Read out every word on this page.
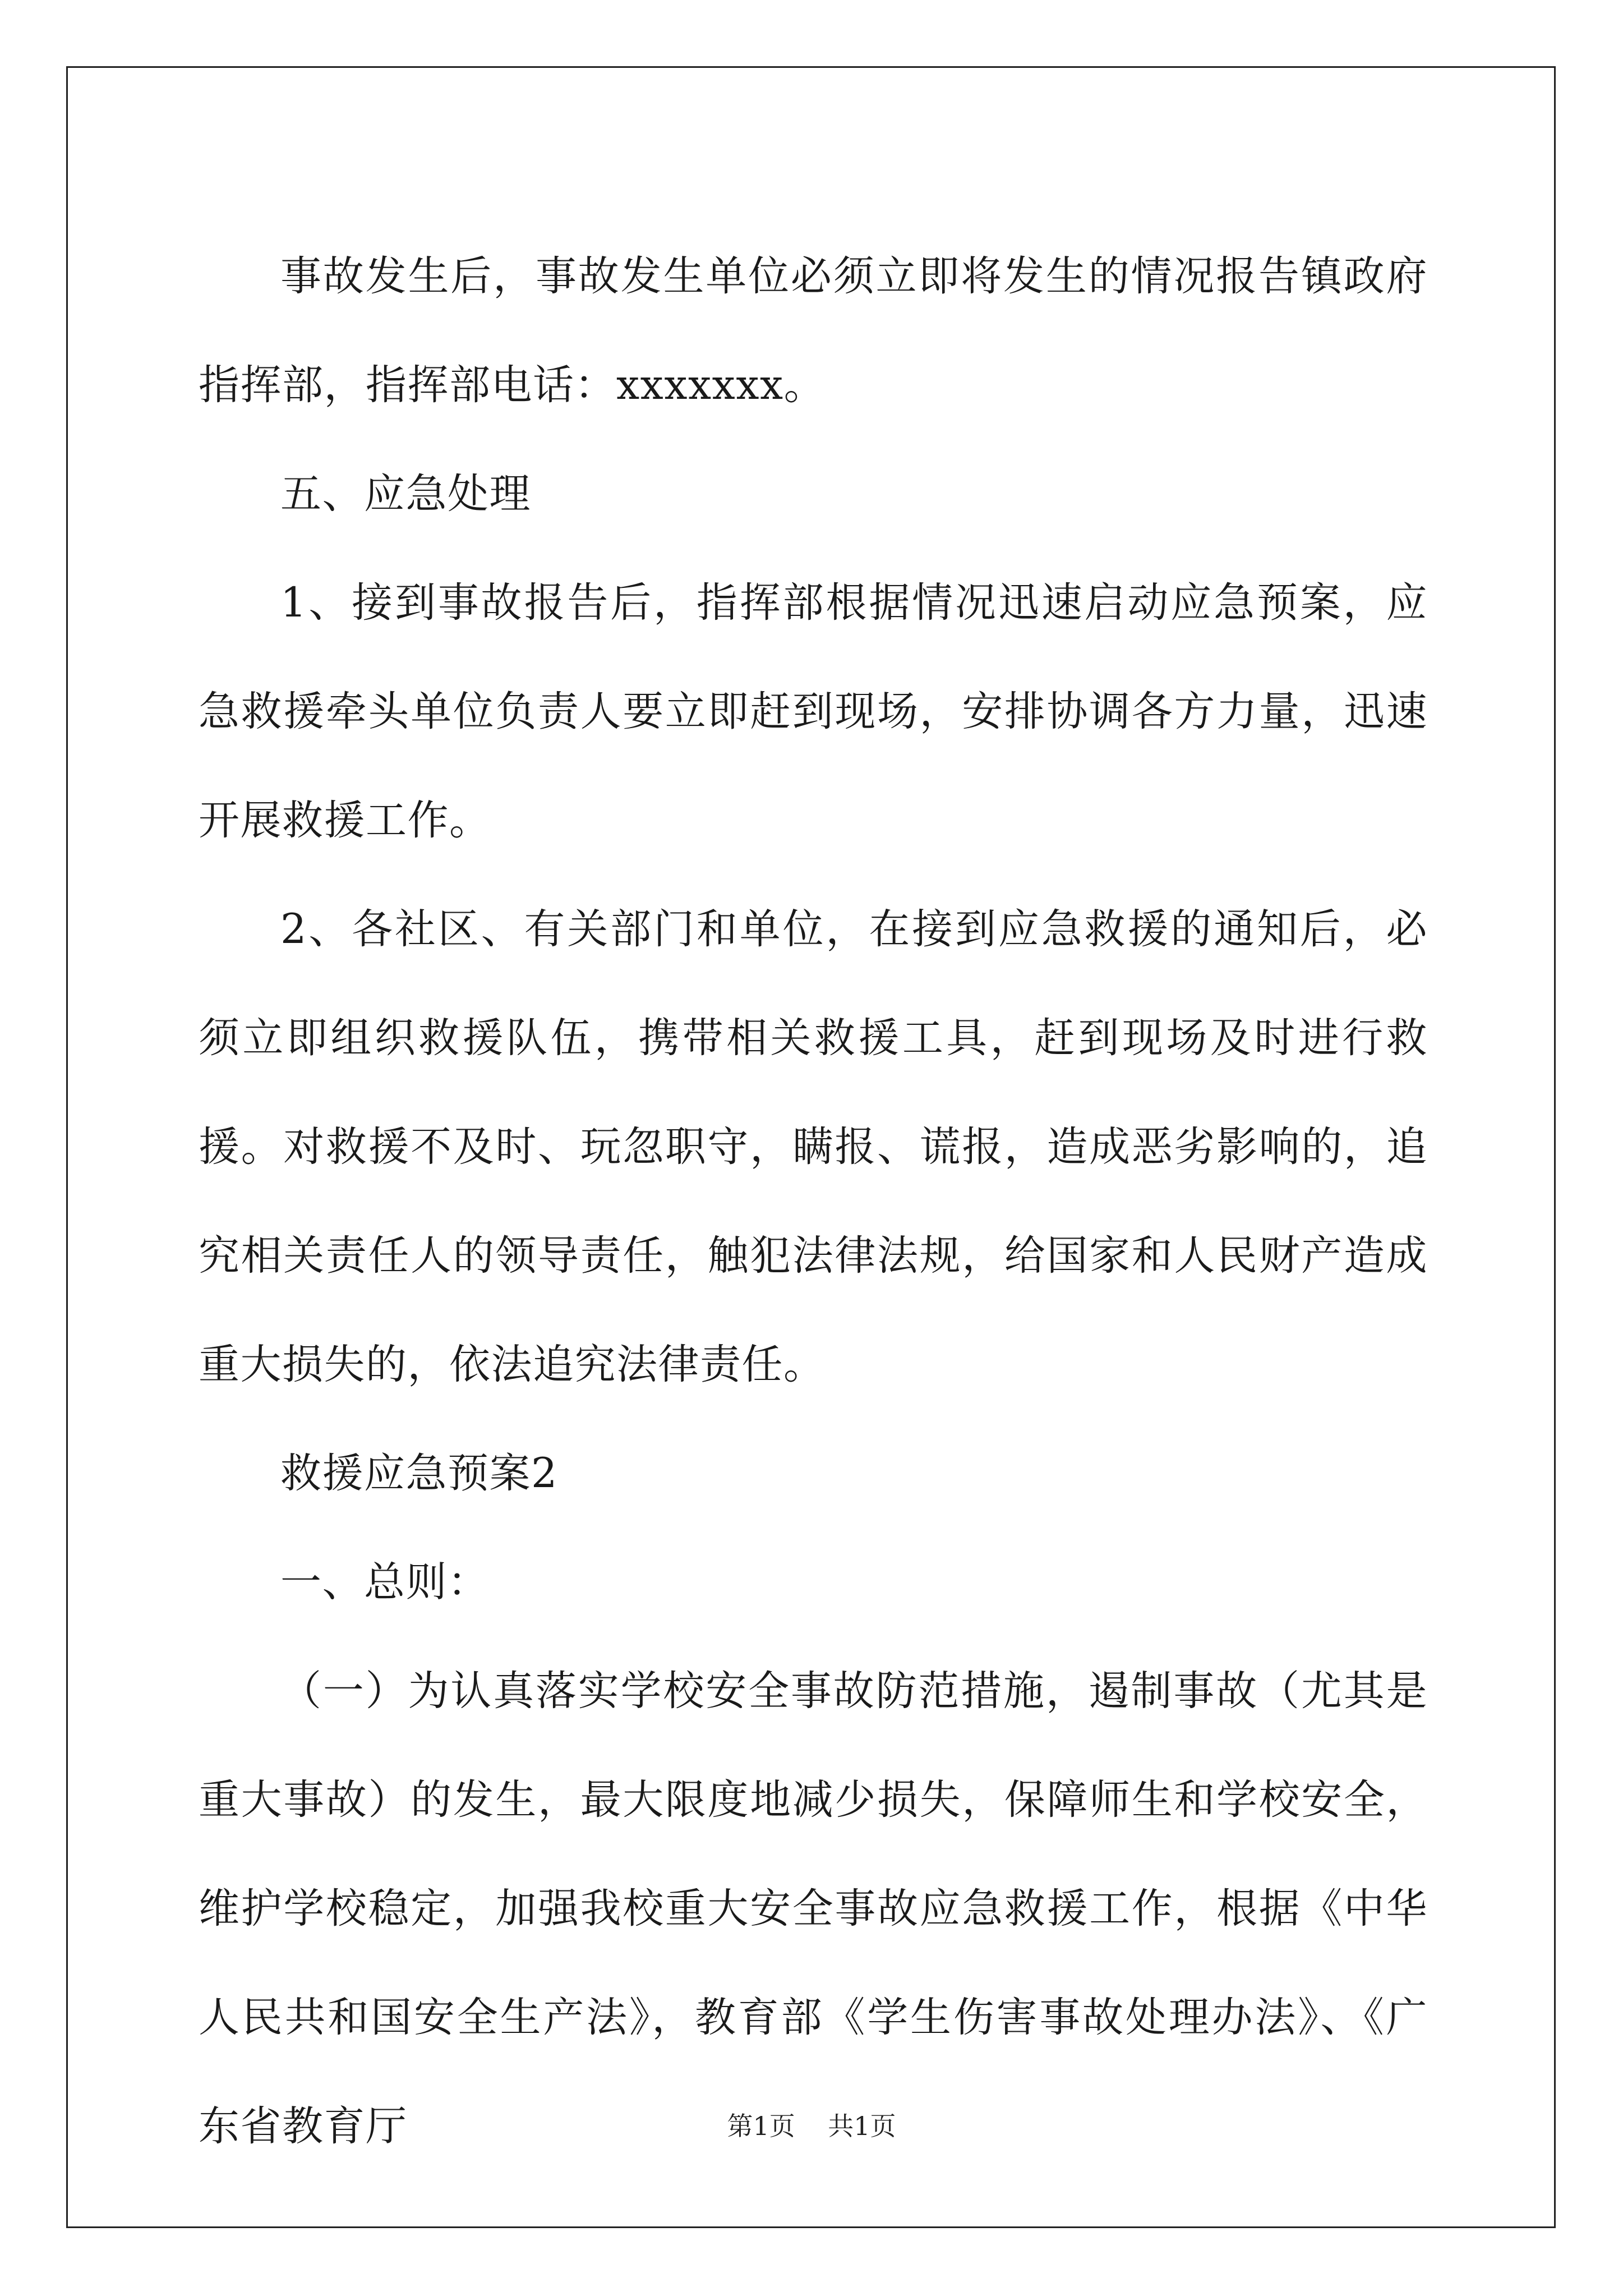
事故发生后，事故发生单位必须立即将发生的情况报告镇政府指挥部，指挥部电话：xxxxxxx。

五、应急处理

1、接到事故报告后，指挥部根据情况迅速启动应急预案，应急救援牵头单位负责人要立即赶到现场，安排协调各方力量，迅速开展救援工作。

2、各社区、有关部门和单位，在接到应急救援的通知后，必须立即组织救援队伍，携带相关救援工具，赶到现场及时进行救援。对救援不及时、玩忽职守，瞒报、谎报，造成恶劣影响的，追究相关责任人的领导责任，触犯法律法规，给国家和人民财产造成重大损失的，依法追究法律责任。

救援应急预案2

一、总则：

（一）为认真落实学校安全事故防范措施，遏制事故（尤其是重大事故）的发生，最大限度地减少损失，保障师生和学校安全，维护学校稳定，加强我校重大安全事故应急救援工作，根据《中华人民共和国安全生产法》，教育部《学生伤害事故处理办法》、《广东省教育厅	第1页 共1页
